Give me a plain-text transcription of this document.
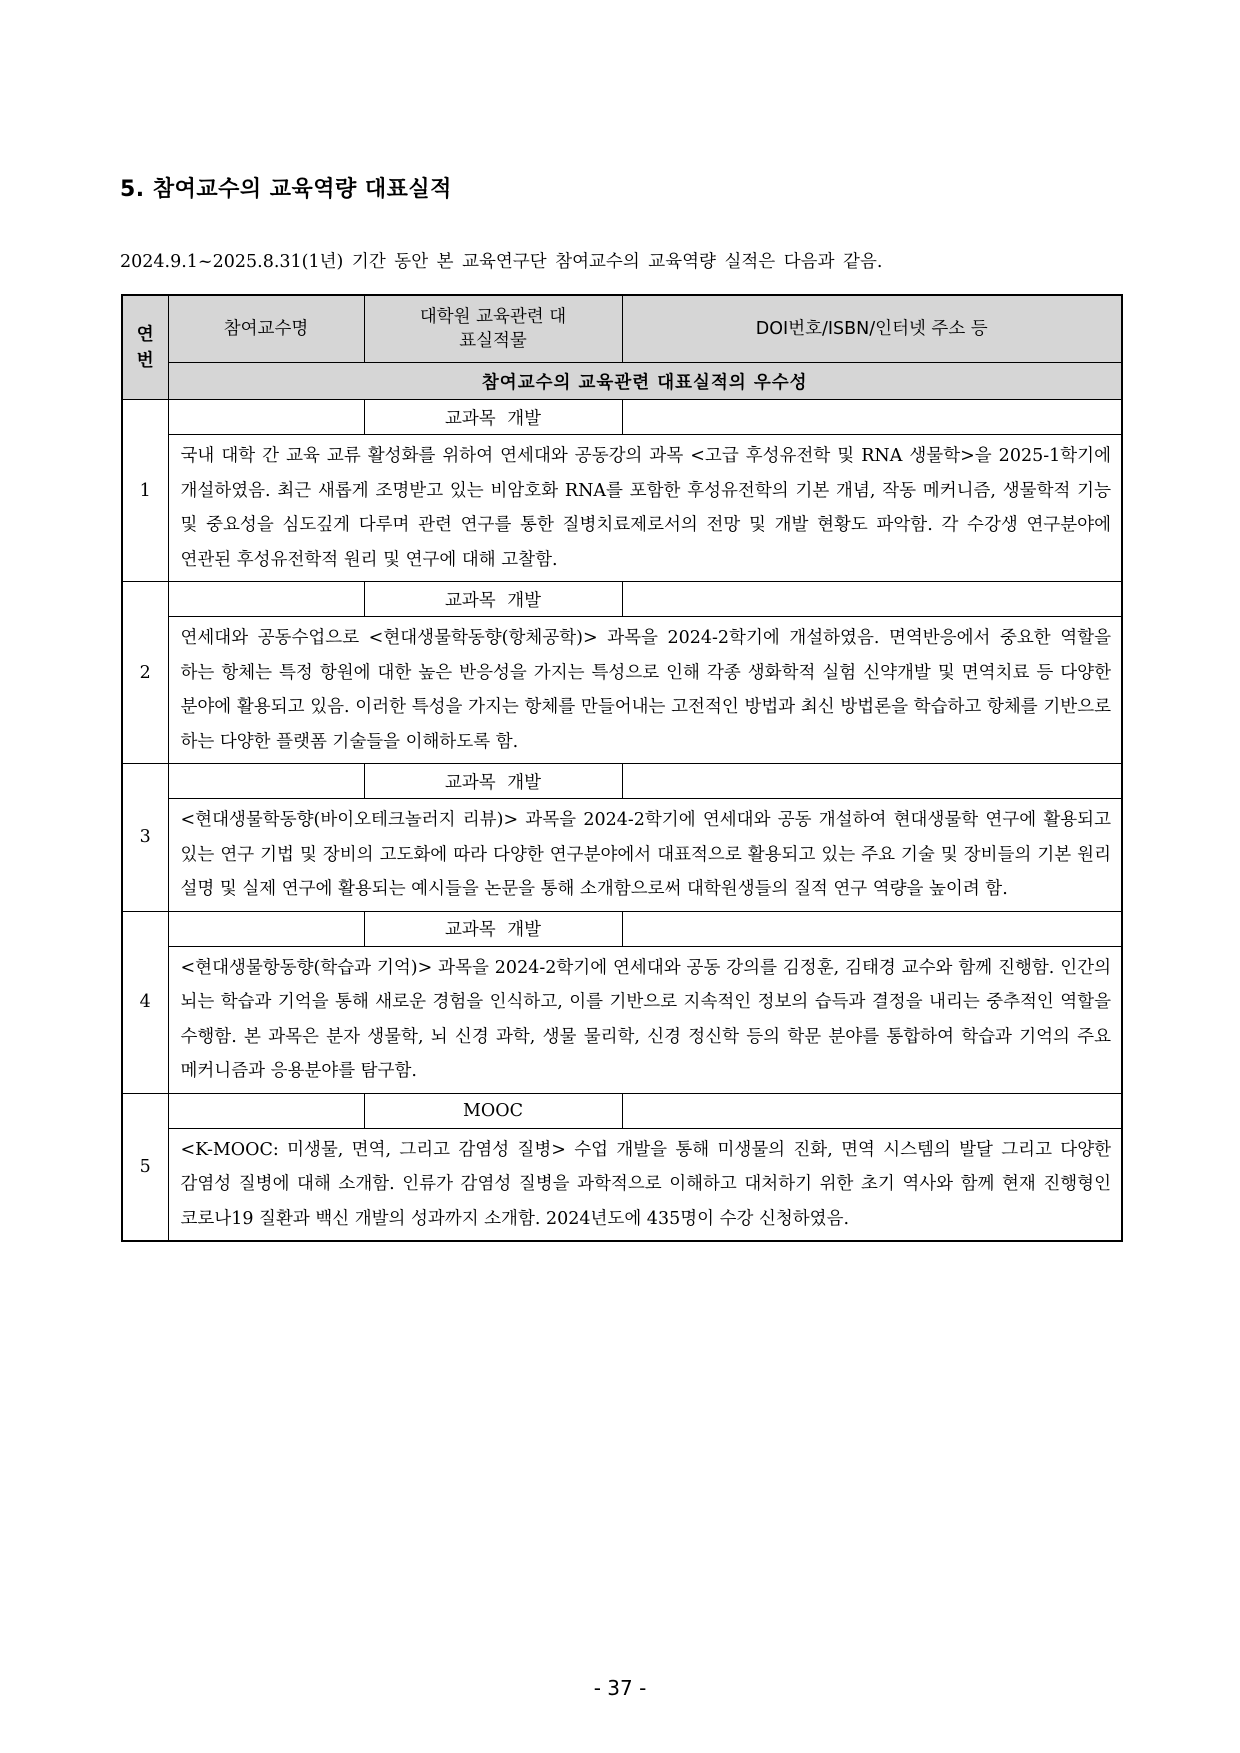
5. 참여교수의 교육역량 대표실적
2024.9.1~2025.8.31(1년) 기간 동안 본 교육연구단 참여교수의 교육역량 실적은 다음과 같음.
연번	참여교수명	대학원 교육관련 대표실적물	DOI번호/ISBN/인터넷 주소 등
	참여교수의 교육관련 대표실적의 우수성		
1		교과목 개발	
	국내 대학 간 교육 교류 활성화를 위하여 연세대와 공동강의 과목 <고급 후성유전학 및 RNA 생물학>을 2025-1학기에 개설하였음. 최근 새롭게 조명받고 있는 비암호화 RNA를 포함한 후성유전학의 기본 개념, 작동 메커니즘, 생물학적 기능 및 중요성을 심도깊게 다루며 관련 연구를 통한 질병치료제로서의 전망 및 개발 현황도 파악함. 각 수강생 연구분야에 연관된 후성유전학적 원리 및 연구에 대해 고찰함.		
2		교과목 개발	
	연세대와 공동수업으로 <현대생물학동향(항체공학)> 과목을 2024-2학기에 개설하였음. 면역반응에서 중요한 역할을 하는 항체는 특정 항원에 대한 높은 반응성을 가지는 특성으로 인해 각종 생화학적 실험 신약개발 및 면역치료 등 다양한 분야에 활용되고 있음. 이러한 특성을 가지는 항체를 만들어내는 고전적인 방법과 최신 방법론을 학습하고 항체를 기반으로 하는 다양한 플랫폼 기술들을 이해하도록 함.		
3		교과목 개발	
	<현대생물학동향(바이오테크놀러지 리뷰)> 과목을 2024-2학기에 연세대와 공동 개설하여 현대생물학 연구에 활용되고 있는 연구 기법 및 장비의 고도화에 따라 다양한 연구분야에서 대표적으로 활용되고 있는 주요 기술 및 장비들의 기본 원리 설명 및 실제 연구에 활용되는 예시들을 논문을 통해 소개함으로써 대학원생들의 질적 연구 역량을 높이려 함.		
4		교과목 개발	
	<현대생물항동향(학습과 기억)> 과목을 2024-2학기에 연세대와 공동 강의를 김정훈, 김태경 교수와 함께 진행함. 인간의 뇌는 학습과 기억을 통해 새로운 경험을 인식하고, 이를 기반으로 지속적인 정보의 습득과 결정을 내리는 중추적인 역할을 수행함. 본 과목은 분자 생물학, 뇌 신경 과학, 생물 물리학, 신경 정신학 등의 학문 분야를 통합하여 학습과 기억의 주요 메커니즘과 응용분야를 탐구함.		
5		MOOC	
	<K-MOOC: 미생물, 면역, 그리고 감염성 질병> 수업 개발을 통해 미생물의 진화, 면역 시스템의 발달 그리고 다양한 감염성 질병에 대해 소개함. 인류가 감염성 질병을 과학적으로 이해하고 대처하기 위한 초기 역사와 함께 현재 진행형인 코로나19 질환과 백신 개발의 성과까지 소개함. 2024년도에 435명이 수강 신청하였음.		
- 37 -
